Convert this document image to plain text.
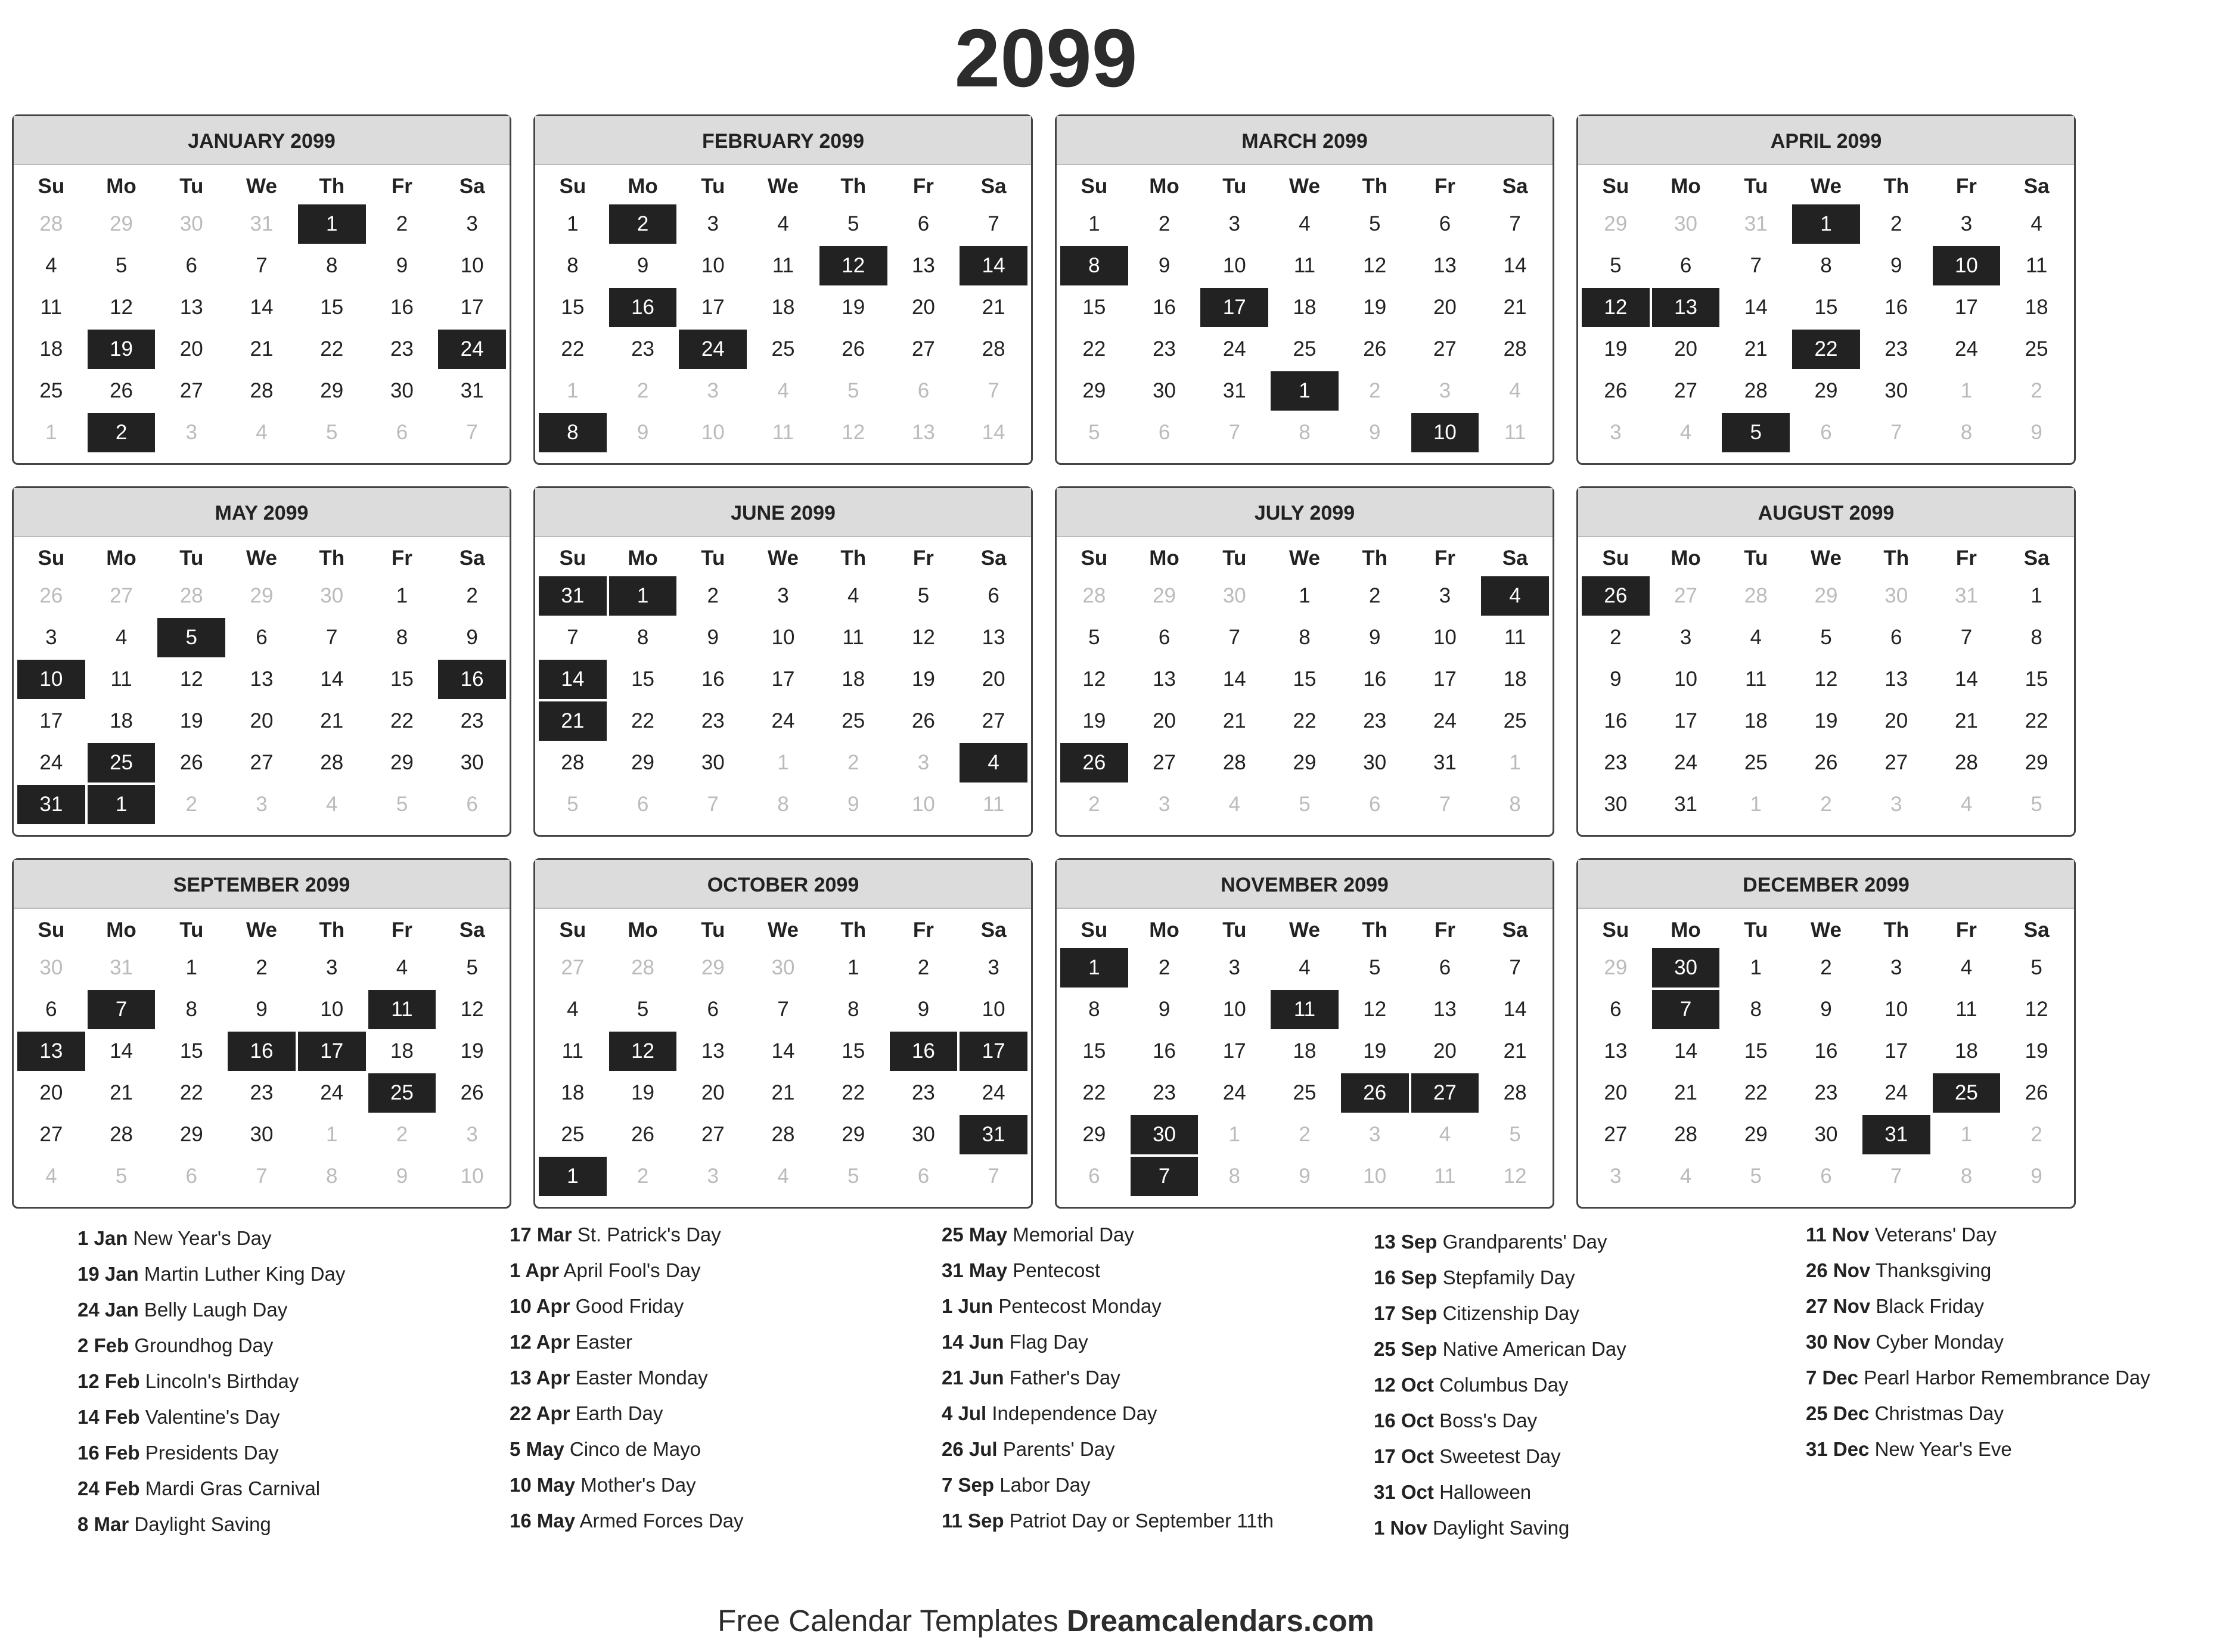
2099
JANUARY 2099
Su	Mo	Tu	We	Th	Fr	Sa
28	29	30	31	1	2	3
4	5	6	7	8	9	10
11	12	13	14	15	16	17
18	19	20	21	22	23	24
25	26	27	28	29	30	31
1	2	3	4	5	6	7
FEBRUARY 2099
Su	Mo	Tu	We	Th	Fr	Sa
1	2	3	4	5	6	7
8	9	10	11	12	13	14
15	16	17	18	19	20	21
22	23	24	25	26	27	28
1	2	3	4	5	6	7
8	9	10	11	12	13	14
MARCH 2099
Su	Mo	Tu	We	Th	Fr	Sa
1	2	3	4	5	6	7
8	9	10	11	12	13	14
15	16	17	18	19	20	21
22	23	24	25	26	27	28
29	30	31	1	2	3	4
5	6	7	8	9	10	11
APRIL 2099
Su	Mo	Tu	We	Th	Fr	Sa
29	30	31	1	2	3	4
5	6	7	8	9	10	11
12	13	14	15	16	17	18
19	20	21	22	23	24	25
26	27	28	29	30	1	2
3	4	5	6	7	8	9
MAY 2099
Su	Mo	Tu	We	Th	Fr	Sa
26	27	28	29	30	1	2
3	4	5	6	7	8	9
10	11	12	13	14	15	16
17	18	19	20	21	22	23
24	25	26	27	28	29	30
31	1	2	3	4	5	6
JUNE 2099
Su	Mo	Tu	We	Th	Fr	Sa
31	1	2	3	4	5	6
7	8	9	10	11	12	13
14	15	16	17	18	19	20
21	22	23	24	25	26	27
28	29	30	1	2	3	4
5	6	7	8	9	10	11
JULY 2099
Su	Mo	Tu	We	Th	Fr	Sa
28	29	30	1	2	3	4
5	6	7	8	9	10	11
12	13	14	15	16	17	18
19	20	21	22	23	24	25
26	27	28	29	30	31	1
2	3	4	5	6	7	8
AUGUST 2099
Su	Mo	Tu	We	Th	Fr	Sa
26	27	28	29	30	31	1
2	3	4	5	6	7	8
9	10	11	12	13	14	15
16	17	18	19	20	21	22
23	24	25	26	27	28	29
30	31	1	2	3	4	5
SEPTEMBER 2099
Su	Mo	Tu	We	Th	Fr	Sa
30	31	1	2	3	4	5
6	7	8	9	10	11	12
13	14	15	16	17	18	19
20	21	22	23	24	25	26
27	28	29	30	1	2	3
4	5	6	7	8	9	10
OCTOBER 2099
Su	Mo	Tu	We	Th	Fr	Sa
27	28	29	30	1	2	3
4	5	6	7	8	9	10
11	12	13	14	15	16	17
18	19	20	21	22	23	24
25	26	27	28	29	30	31
1	2	3	4	5	6	7
NOVEMBER 2099
Su	Mo	Tu	We	Th	Fr	Sa
1	2	3	4	5	6	7
8	9	10	11	12	13	14
15	16	17	18	19	20	21
22	23	24	25	26	27	28
29	30	1	2	3	4	5
6	7	8	9	10	11	12
DECEMBER 2099
Su	Mo	Tu	We	Th	Fr	Sa
29	30	1	2	3	4	5
6	7	8	9	10	11	12
13	14	15	16	17	18	19
20	21	22	23	24	25	26
27	28	29	30	31	1	2
3	4	5	6	7	8	9
1 Jan New Year's Day
19 Jan Martin Luther King Day
24 Jan Belly Laugh Day
2 Feb Groundhog Day
12 Feb Lincoln's Birthday
14 Feb Valentine's Day
16 Feb Presidents Day
24 Feb Mardi Gras Carnival
8 Mar Daylight Saving
17 Mar St. Patrick's Day
1 Apr April Fool's Day
10 Apr Good Friday
12 Apr Easter
13 Apr Easter Monday
22 Apr Earth Day
5 May Cinco de Mayo
10 May Mother's Day
16 May Armed Forces Day
25 May Memorial Day
31 May Pentecost
1 Jun Pentecost Monday
14 Jun Flag Day
21 Jun Father's Day
4 Jul Independence Day
26 Jul Parents' Day
7 Sep Labor Day
11 Sep Patriot Day or September 11th
13 Sep Grandparents' Day
16 Sep Stepfamily Day
17 Sep Citizenship Day
25 Sep Native American Day
12 Oct Columbus Day
16 Oct Boss's Day
17 Oct Sweetest Day
31 Oct Halloween
1 Nov Daylight Saving
11 Nov Veterans' Day
26 Nov Thanksgiving
27 Nov Black Friday
30 Nov Cyber Monday
7 Dec Pearl Harbor Remembrance Day
25 Dec Christmas Day
31 Dec New Year's Eve
Free Calendar Templates Dreamcalendars.com
